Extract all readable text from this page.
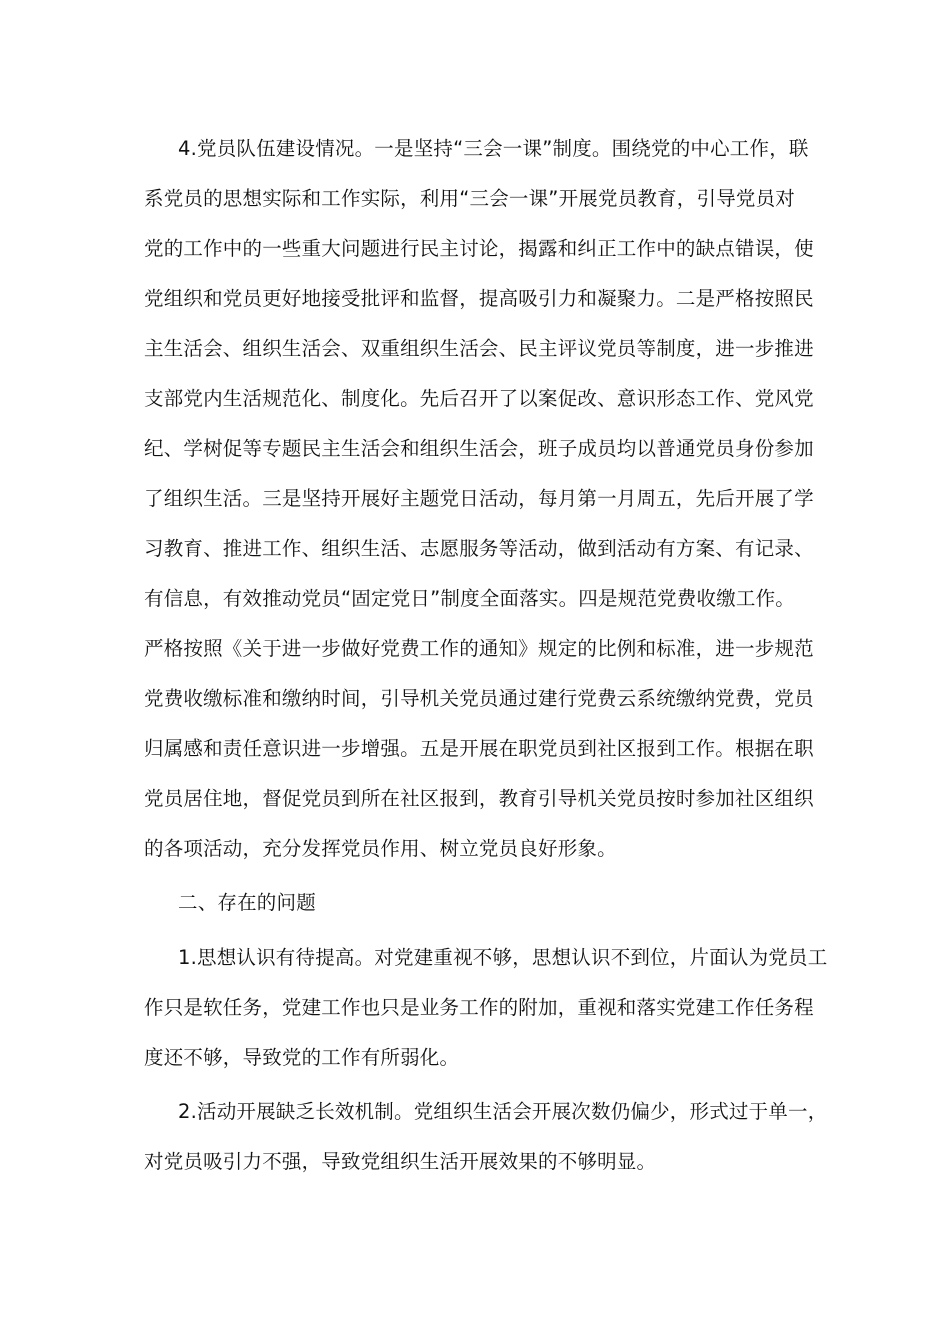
4.党员队伍建设情况。一是坚持“三会一课”制度。围绕党的中心工作，联
系党员的思想实际和工作实际，利用“三会一课”开展党员教育，引导党员对
党的工作中的一些重大问题进行民主讨论，揭露和纠正工作中的缺点错误，使
党组织和党员更好地接受批评和监督，提高吸引力和凝聚力。二是严格按照民
主生活会、组织生活会、双重组织生活会、民主评议党员等制度，进一步推进
支部党内生活规范化、制度化。先后召开了以案促改、意识形态工作、党风党
纪、学树促等专题民主生活会和组织生活会，班子成员均以普通党员身份参加
了组织生活。三是坚持开展好主题党日活动，每月第一月周五，先后开展了学
习教育、推进工作、组织生活、志愿服务等活动，做到活动有方案、有记录、
有信息，有效推动党员“固定党日”制度全面落实。四是规范党费收缴工作。
严格按照《关于进一步做好党费工作的通知》规定的比例和标准，进一步规范
党费收缴标准和缴纳时间，引导机关党员通过建行党费云系统缴纳党费，党员
归属感和责任意识进一步增强。五是开展在职党员到社区报到工作。根据在职
党员居住地，督促党员到所在社区报到，教育引导机关党员按时参加社区组织
的各项活动，充分发挥党员作用、树立党员良好形象。
二、存在的问题
1.思想认识有待提高。对党建重视不够，思想认识不到位，片面认为党员工
作只是软任务，党建工作也只是业务工作的附加，重视和落实党建工作任务程
度还不够，导致党的工作有所弱化。
2.活动开展缺乏长效机制。党组织生活会开展次数仍偏少，形式过于单一，
对党员吸引力不强，导致党组织生活开展效果的不够明显。
